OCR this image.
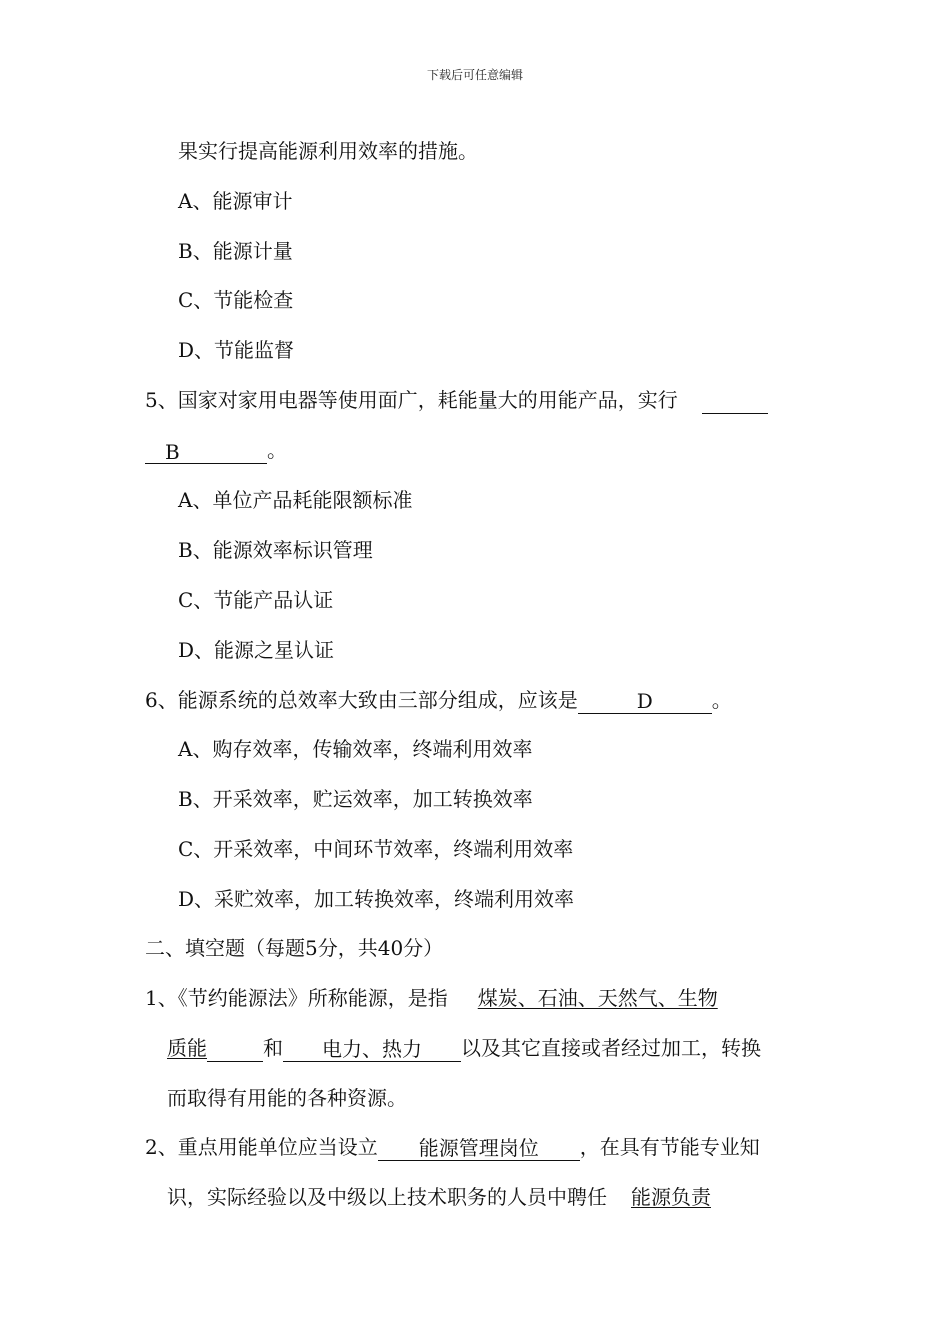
下载后可任意编辑
果实行提高能源利用效率的措施。
A、能源审计
B、能源计量
C、节能检查
D、节能监督
5、国家对家用电器等使用面广，耗能量大的用能产品，实行
B	。
A、单位产品耗能限额标准
B、能源效率标识管理
C、节能产品认证
D、能源之星认证
6、能源系统的总效率大致由三部分组成，应该是	D	。
A、购存效率，传输效率，终端利用效率
B、开采效率，贮运效率，加工转换效率
C、开采效率，中间环节效率，终端利用效率
D、采贮效率，加工转换效率，终端利用效率
二、填空题（每题5分，共40分）
1、《节约能源法》所称能源，是指 煤炭、石油、天然气、生物
质能	和 电力、热力 以及其它直接或者经过加工，转换
而取得有用能的各种资源。
2、重点用能单位应当设立 能源管理岗位 ，在具有节能专业知
识，实际经验以及中级以上技术职务的人员中聘任 能源负责
